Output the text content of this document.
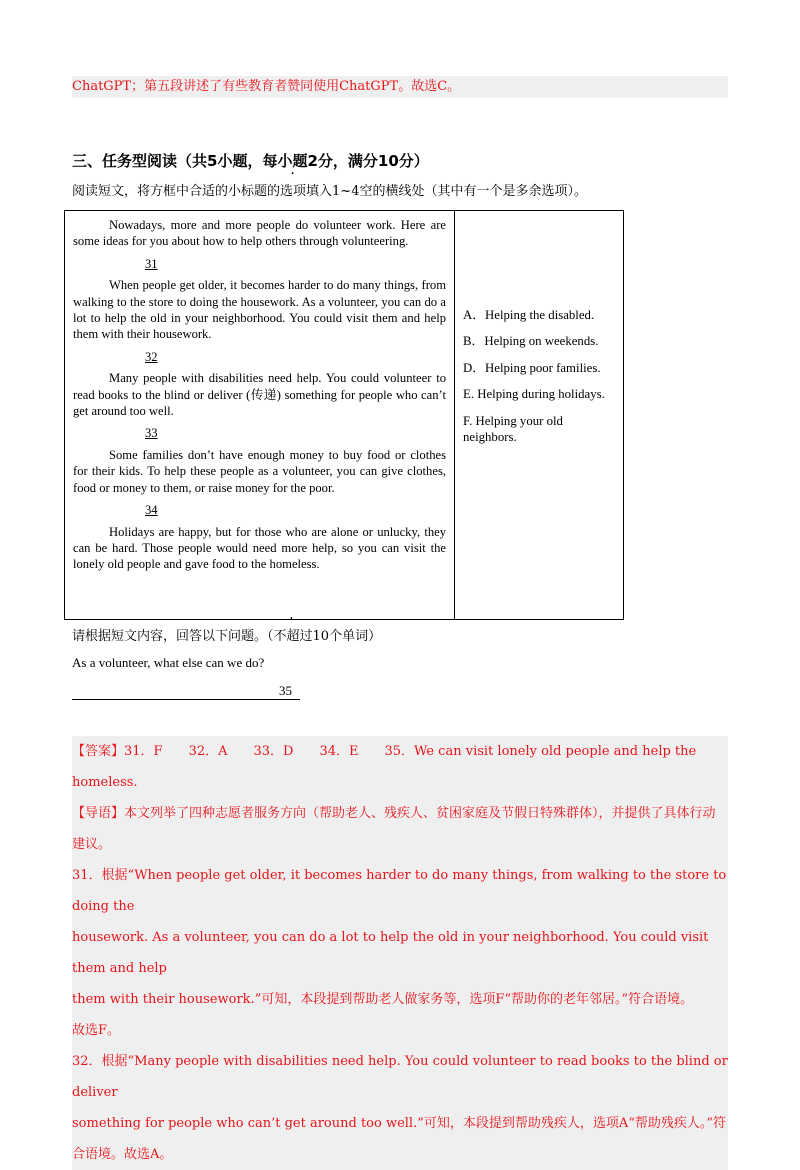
ChatGPT；第五段讲述了有些教育者赞同使用ChatGPT。故选C。
三、任务型阅读（共5小题，每小题2分，满分10分）
阅读短文，将方框中合适的小标题的选项填入1~4空的横线处（其中有一个是多余选项）。

Nowadays, more and more people do volunteer work. Here are some ideas for you about how to help others through volunteering.

31

When people get older, it becomes harder to do many things, from walking to the store to doing the housework. As a volunteer, you can do a lot to help the old in your neighborhood. You could visit them and help them with their housework.

32

Many people with disabilities need help. You could volunteer to read books to the blind or deliver (传递) something for people who can’t get around too well.

33

Some families don’t have enough money to buy food or clothes for their kids. To help these people as a volunteer, you can give clothes, food or money to them, or raise money for the poor.

34

Holidays are happy, but for those who are alone or unlucky, they can be hard. Those people would need more help, so you can visit the lonely old people and gave food to the homeless.

A．Helping the disabled.
B．Helping on weekends.
D．Helping poor families.
E. Helping during holidays.
F. Helping your old neighbors.
请根据短文内容，回答以下问题。（不超过10个单词）
As a volunteer, what else can we do?
35
【答案】31．F 32．A 33．D 34．E 35．We can visit lonely old people and help the homeless.
【导语】本文列举了四种志愿者服务方向（帮助老人、残疾人、贫困家庭及节假日特殊群体），并提供了具体行动建议。
31．根据“When people get older, it becomes harder to do many things, from walking to the store to doing the
housework. As a volunteer, you can do a lot to help the old in your neighborhood. You could visit them and help
them with their housework.”可知，本段提到帮助老人做家务等，选项F“帮助你的老年邻居。”符合语境。
故选F。
32．根据“Many people with disabilities need help. You could volunteer to read books to the blind or deliver
something for people who can’t get around too well.”可知，本段提到帮助残疾人，选项A“帮助残疾人。”符
合语境。故选A。
